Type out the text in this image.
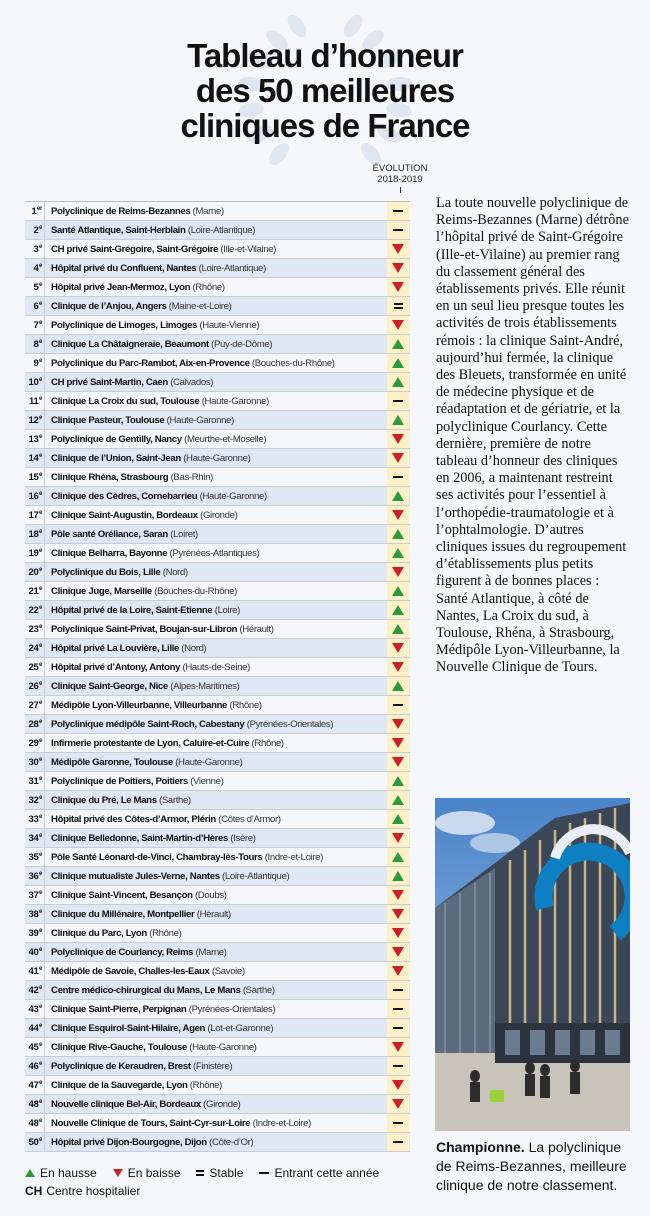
Tableau d’honneur
des 50 meilleures
cliniques de France
ÉVOLUTION
2018-2019
1er Polyclinique de Reims-Bezannes (Marne)
2e Santé Atlantique, Saint-Herblain (Loire-Atlantique)
3e CH privé Saint-Grégoire, Saint-Grégoire (Ille-et-Vilaine)
4e Hôpital privé du Confluent, Nantes (Loire-Atlantique)
5e Hôpital privé Jean-Mermoz, Lyon (Rhône)
6e Clinique de l’Anjou, Angers (Maine-et-Loire)
7e Polyclinique de Limoges, Limoges (Haute-Vienne)
8e Clinique La Châtaigneraie, Beaumont (Puy-de-Dôme)
9e Polyclinique du Parc-Rambot, Aix-en-Provence (Bouches-du-Rhône)
10e CH privé Saint-Martin, Caen (Calvados)
11e Clinique La Croix du sud, Toulouse (Haute-Garonne)
12e Clinique Pasteur, Toulouse (Haute-Garonne)
13e Polyclinique de Gentilly, Nancy (Meurthe-et-Moselle)
14e Clinique de l’Union, Saint-Jean (Haute-Garonne)
15e Clinique Rhéna, Strasbourg (Bas-Rhin)
16e Clinique des Cèdres, Cornebarrieu (Haute-Garonne)
17e Clinique Saint-Augustin, Bordeaux (Gironde)
18e Pôle santé Oréliance, Saran (Loiret)
19e Clinique Belharra, Bayonne (Pyrénées-Atlantiques)
20e Polyclinique du Bois, Lille (Nord)
21e Clinique Juge, Marseille (Bouches-du-Rhône)
22e Hôpital privé de la Loire, Saint-Etienne (Loire)
23e Polyclinique Saint-Privat, Boujan-sur-Libron (Hérault)
24e Hôpital privé La Louvière, Lille (Nord)
25e Hôpital privé d’Antony, Antony (Hauts-de-Seine)
26e Clinique Saint-George, Nice (Alpes-Maritimes)
27e Médipôle Lyon-Villeurbanne, Villeurbanne (Rhône)
28e Polyclinique médipôle Saint-Roch, Cabestany (Pyrénées-Orientales)
29e Infirmerie protestante de Lyon, Caluire-et-Cuire (Rhône)
30e Médipôle Garonne, Toulouse (Haute-Garonne)
31e Polyclinique de Poitiers, Poitiers (Vienne)
32e Clinique du Pré, Le Mans (Sarthe)
33e Hôpital privé des Côtes-d’Armor, Plérin (Côtes d’Armor)
34e Clinique Belledonne, Saint-Martin-d’Hères (Isère)
35e Pôle Santé Léonard-de-Vinci, Chambray-lès-Tours (Indre-et-Loire)
36e Clinique mutualiste Jules-Verne, Nantes (Loire-Atlantique)
37e Clinique Saint-Vincent, Besançon (Doubs)
38e Clinique du Millénaire, Montpellier (Hérault)
39e Clinique du Parc, Lyon (Rhône)
40e Polyclinique de Courlancy, Reims (Marne)
41e Médipôle de Savoie, Challes-les-Eaux (Savoie)
42e Centre médico-chirurgical du Mans, Le Mans (Sarthe)
43e Clinique Saint-Pierre, Perpignan (Pyrénées-Orientales)
44e Clinique Esquirol-Saint-Hilaire, Agen (Lot-et-Garonne)
45e Clinique Rive-Gauche, Toulouse (Haute-Garonne)
46e Polyclinique de Keraudren, Brest (Finistère)
47e Clinique de la Sauvegarde, Lyon (Rhône)
48e Nouvelle clinique Bel-Air, Bordeaux (Gironde)
48e Nouvelle Clinique de Tours, Saint-Cyr-sur-Loire (Indre-et-Loire)
50e Hôpital privé Dijon-Bourgogne, Dijon (Côte-d’Or)
En hausse	En baisse Stable	Entrant cette année
CH Centre hospitalier
La toute nouvelle polyclinique de Reims-Bezannes (Marne) détrône l’hôpital privé de Saint-Grégoire (Ille-et-Vilaine) au premier rang du classement général des établissements privés. Elle réunit en un seul lieu presque toutes les activités de trois établissements rémois : la clinique Saint-André, aujourd’hui fermée, la clinique des Bleuets, transformée en unité de médecine physique et de réadaptation et de gériatrie, et la polyclinique Courlancy. Cette dernière, première de notre tableau d’honneur des cliniques en 2006, a maintenant restreint ses activités pour l’essentiel à l’orthopédie-traumatologie et à l’ophtalmologie. D’autres cliniques issues du regroupement d’établissements plus petits figurent à de bonnes places : Santé Atlantique, à côté de Nantes, La Croix du sud, à Toulouse, Rhéna, à Strasbourg, Médipôle Lyon-Villeurbanne, la Nouvelle Clinique de Tours.
Championne. La polyclinique de Reims-Bezannes, meilleure clinique de notre classement.
